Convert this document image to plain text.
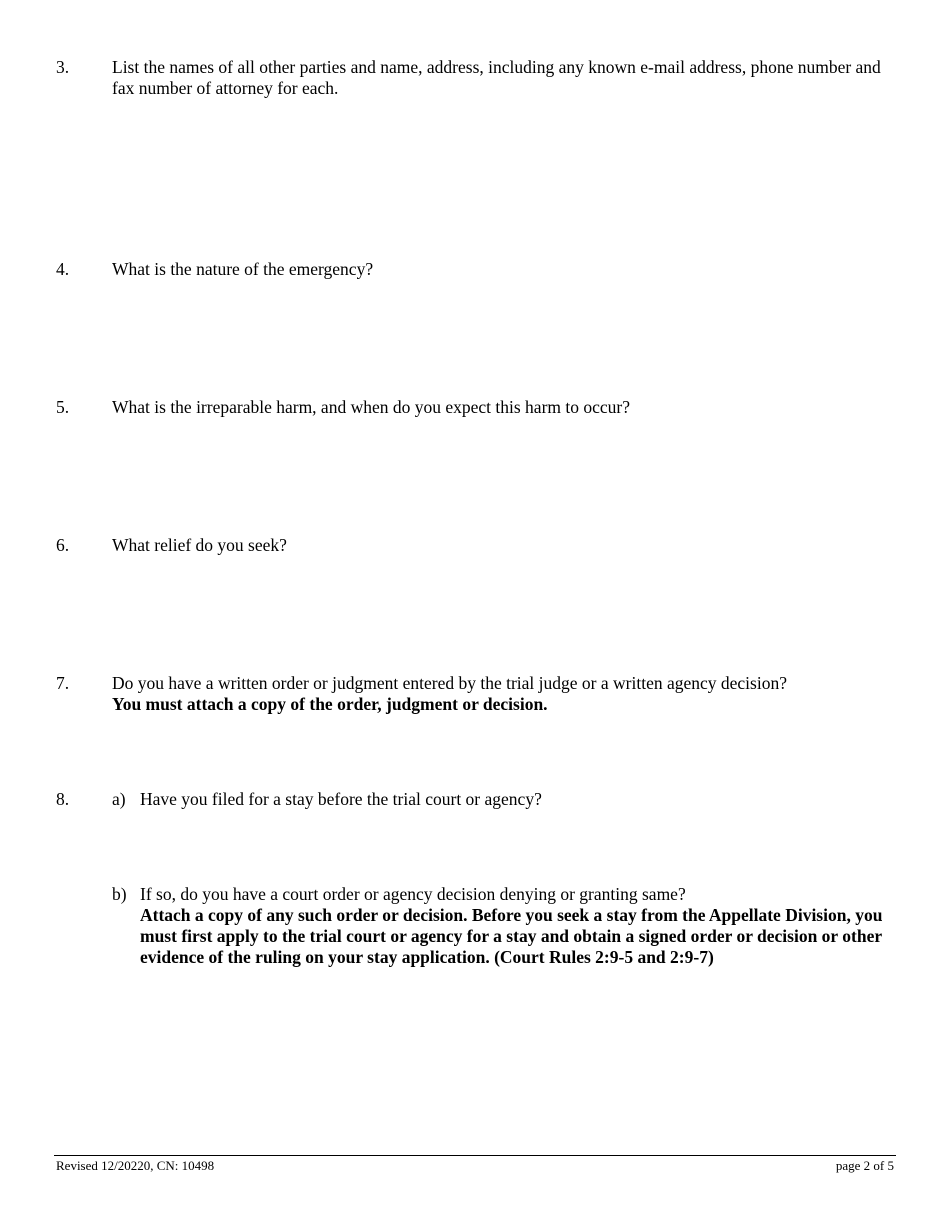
3. List the names of all other parties and name, address, including any known e-mail address, phone number and fax number of attorney for each.
4. What is the nature of the emergency?
5. What is the irreparable harm, and when do you expect this harm to occur?
6. What relief do you seek?
7. Do you have a written order or judgment entered by the trial judge or a written agency decision?
You must attach a copy of the order, judgment or decision.
8. a) Have you filed for a stay before the trial court or agency?
b) If so, do you have a court order or agency decision denying or granting same?
Attach a copy of any such order or decision. Before you seek a stay from the Appellate Division, you must first apply to the trial court or agency for a stay and obtain a signed order or decision or other evidence of the ruling on your stay application. (Court Rules 2:9-5 and 2:9-7)
Revised 12/20220, CN: 10498	page 2 of 5
